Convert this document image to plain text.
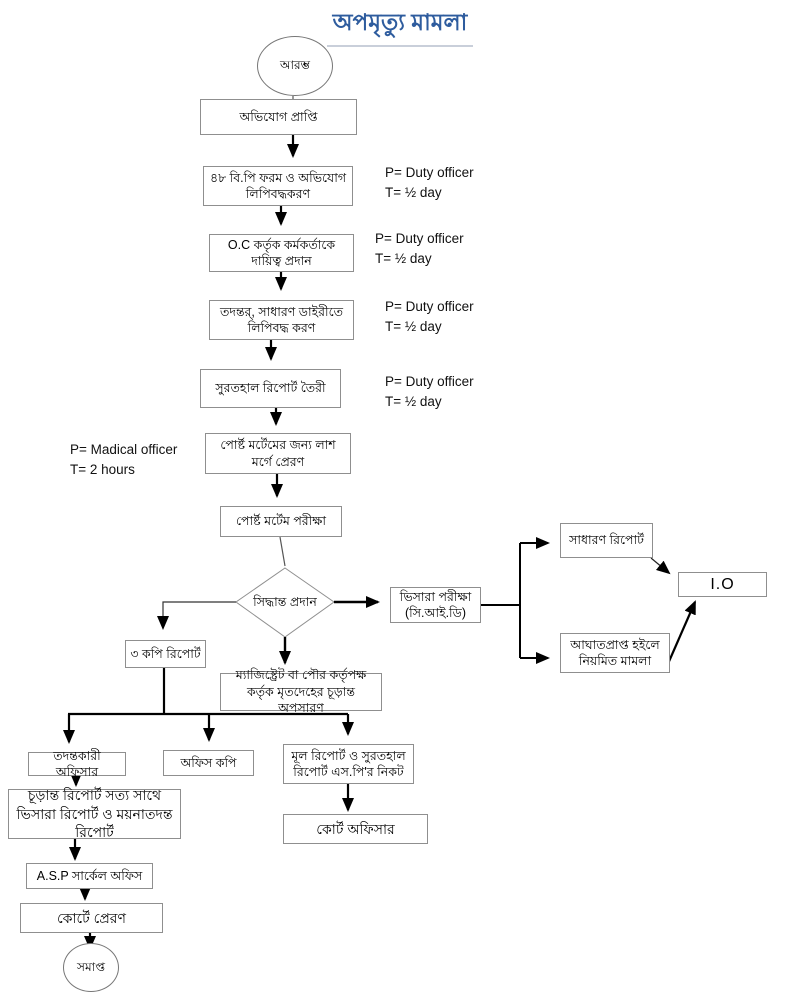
অপমৃত্যু মামলা
আরম্ভ
সমাপ্ত
অভিযোগ প্রাপ্তি
৪৮ বি.পি ফরম ও অভিযোগ লিপিবদ্ধকরণ
O.C কর্তৃক কর্মকর্তাকে দায়িত্ব প্রদান
তদন্তর্, সাধারণ ডাইরীতে লিপিবদ্ধ করণ
সুরতহাল রিপোর্ট তৈরী
পোর্ষ্ট মর্টেমের জন্য লাশ মর্গে প্রেরণ
পোর্ষ্ট মর্টেম পরীক্ষা
সিদ্ধান্ত প্রদান	ভিসারা পরীক্ষা (সি.আই.ডি)
সাধারণ রিপোর্ট
I.O
আঘাতপ্রাপ্ত হইলে নিয়মিত মামলা
৩ কপি রিপোর্ট
ম্যাজিষ্ট্রেট বা পৌর কর্তৃপক্ষ কর্তৃক মৃতদেহের চূড়ান্ত অপসারণ
তদন্তকারী অফিসার
অফিস কপি
মূল রিপোর্ট ও সুরতহাল রিপোর্ট এস.পি'র নিকট
চূড়ান্ত রিপোর্ট সত্য সাথে ভিসারা রিপোর্ট ও ময়নাতদন্ত রিপোর্ট	কোর্ট অফিসার
A.S.P সার্কেল অফিস
কোর্টে প্রেরণ
P= Duty officer
T= ½ day
P= Duty officer
T= ½ day
P= Duty officer
T= ½ day
P= Duty officer
T= ½ day
P= Madical officer
T= 2 hours
